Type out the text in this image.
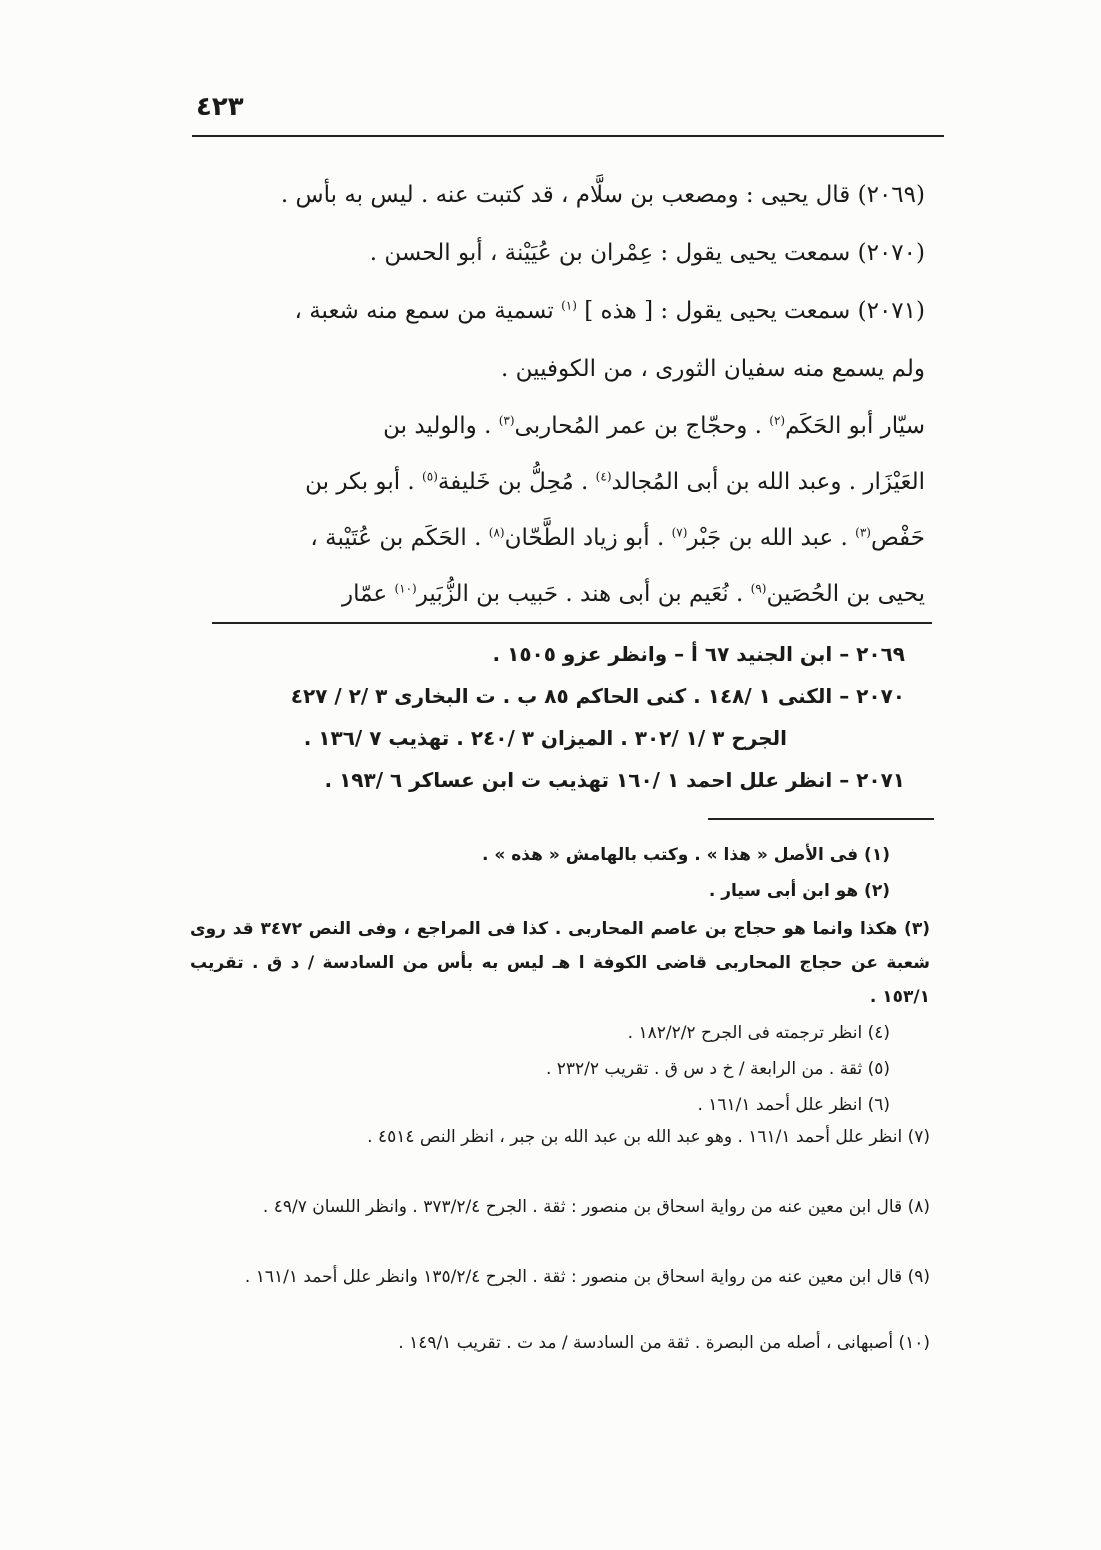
٤٢٣

(٢٠٦٩) قال يحيى : ومصعب بن سلَّام ، قد كتبت عنه . ليس به بأس .

(٢٠٧٠) سمعت يحيى يقول : عِمْران بن عُيَيْنة ، أبو الحسن .

(٢٠٧١) سمعت يحيى يقول : [ هذه ] $^{(١)}$ تسمية من سمع منه شعبة ،

ولم يسمع منه سفيان الثورى ، من الكوفيين .

سيّار أبو الحَكَم$^{(٢)}$ . وحجّاج بن عمر المُحاربى$^{(٣)}$ . والوليد بن

العَيْزَار . وعبد الله بن أبى المُجالد$^{(٤)}$ . مُحِلُّ بن خَليفة$^{(٥)}$ . أبو بكر بن

حَفْص$^{(٣)}$ . عبد الله بن جَبْر$^{(٧)}$ . أبو زياد الطَّحّان$^{(٨)}$ . الحَكَم بن عُتَيْبة ،

يحيى بن الحُصَين$^{(٩)}$ . نُعَيم بن أبى هند . حَبيب بن الزُّبَير$^{(١٠)}$ عمّار

٢٠٦٩ – ابن الجنيد ٦٧ أ – وانظر عزو ١٥٠٥ .
٢٠٧٠ – الكنى ١ /١٤٨ . كنى الحاكم ٨٥ ب . ت البخارى ٣ /٢ / ٤٢٧
الجرح ٣ /١ /٣٠٢ . الميزان ٣ /٢٤٠ . تهذيب ٧ /١٣٦ .
٢٠٧١ – انظر علل احمد ١ /١٦٠ تهذيب ت ابن عساكر ٦ /١٩٣ .
(١) فى الأصل « هذا » . وكتب بالهامش « هذه » .
(٢) هو ابن أبى سيار .
(٣) هكذا وانما هو حجاج بن عاصم المحاربى . كذا فى المراجع ، وفى النص ٣٤٧٢ قد روى شعبة عن حجاج المحاربى قاضى الكوفة ا هـ ليس به بأس من السادسة / د ق . تقريب ١٥٣/١ .
(٤) انظر ترجمته فى الجرح ١٨٢/٢/٢ .
(٥) ثقة . من الرابعة / خ د س ق . تقريب ٢٣٢/٢ .
(٦) انظر علل أحمد ١٦١/١ .
(٧) انظر علل أحمد ١٦١/١ . وهو عبد الله بن عبد الله بن جبر ، انظر النص ٤٥١٤ .
(٨) قال ابن معين عنه من رواية اسحاق بن منصور : ثقة . الجرح ٣٧٣/٢/٤ . وانظر اللسان ٤٩/٧ .
(٩) قال ابن معين عنه من رواية اسحاق بن منصور : ثقة . الجرح ١٣٥/٢/٤ وانظر علل أحمد ١٦١/١ .
(١٠) أصبهانى ، أصله من البصرة . ثقة من السادسة / مد ت . تقريب ١٤٩/١ .
